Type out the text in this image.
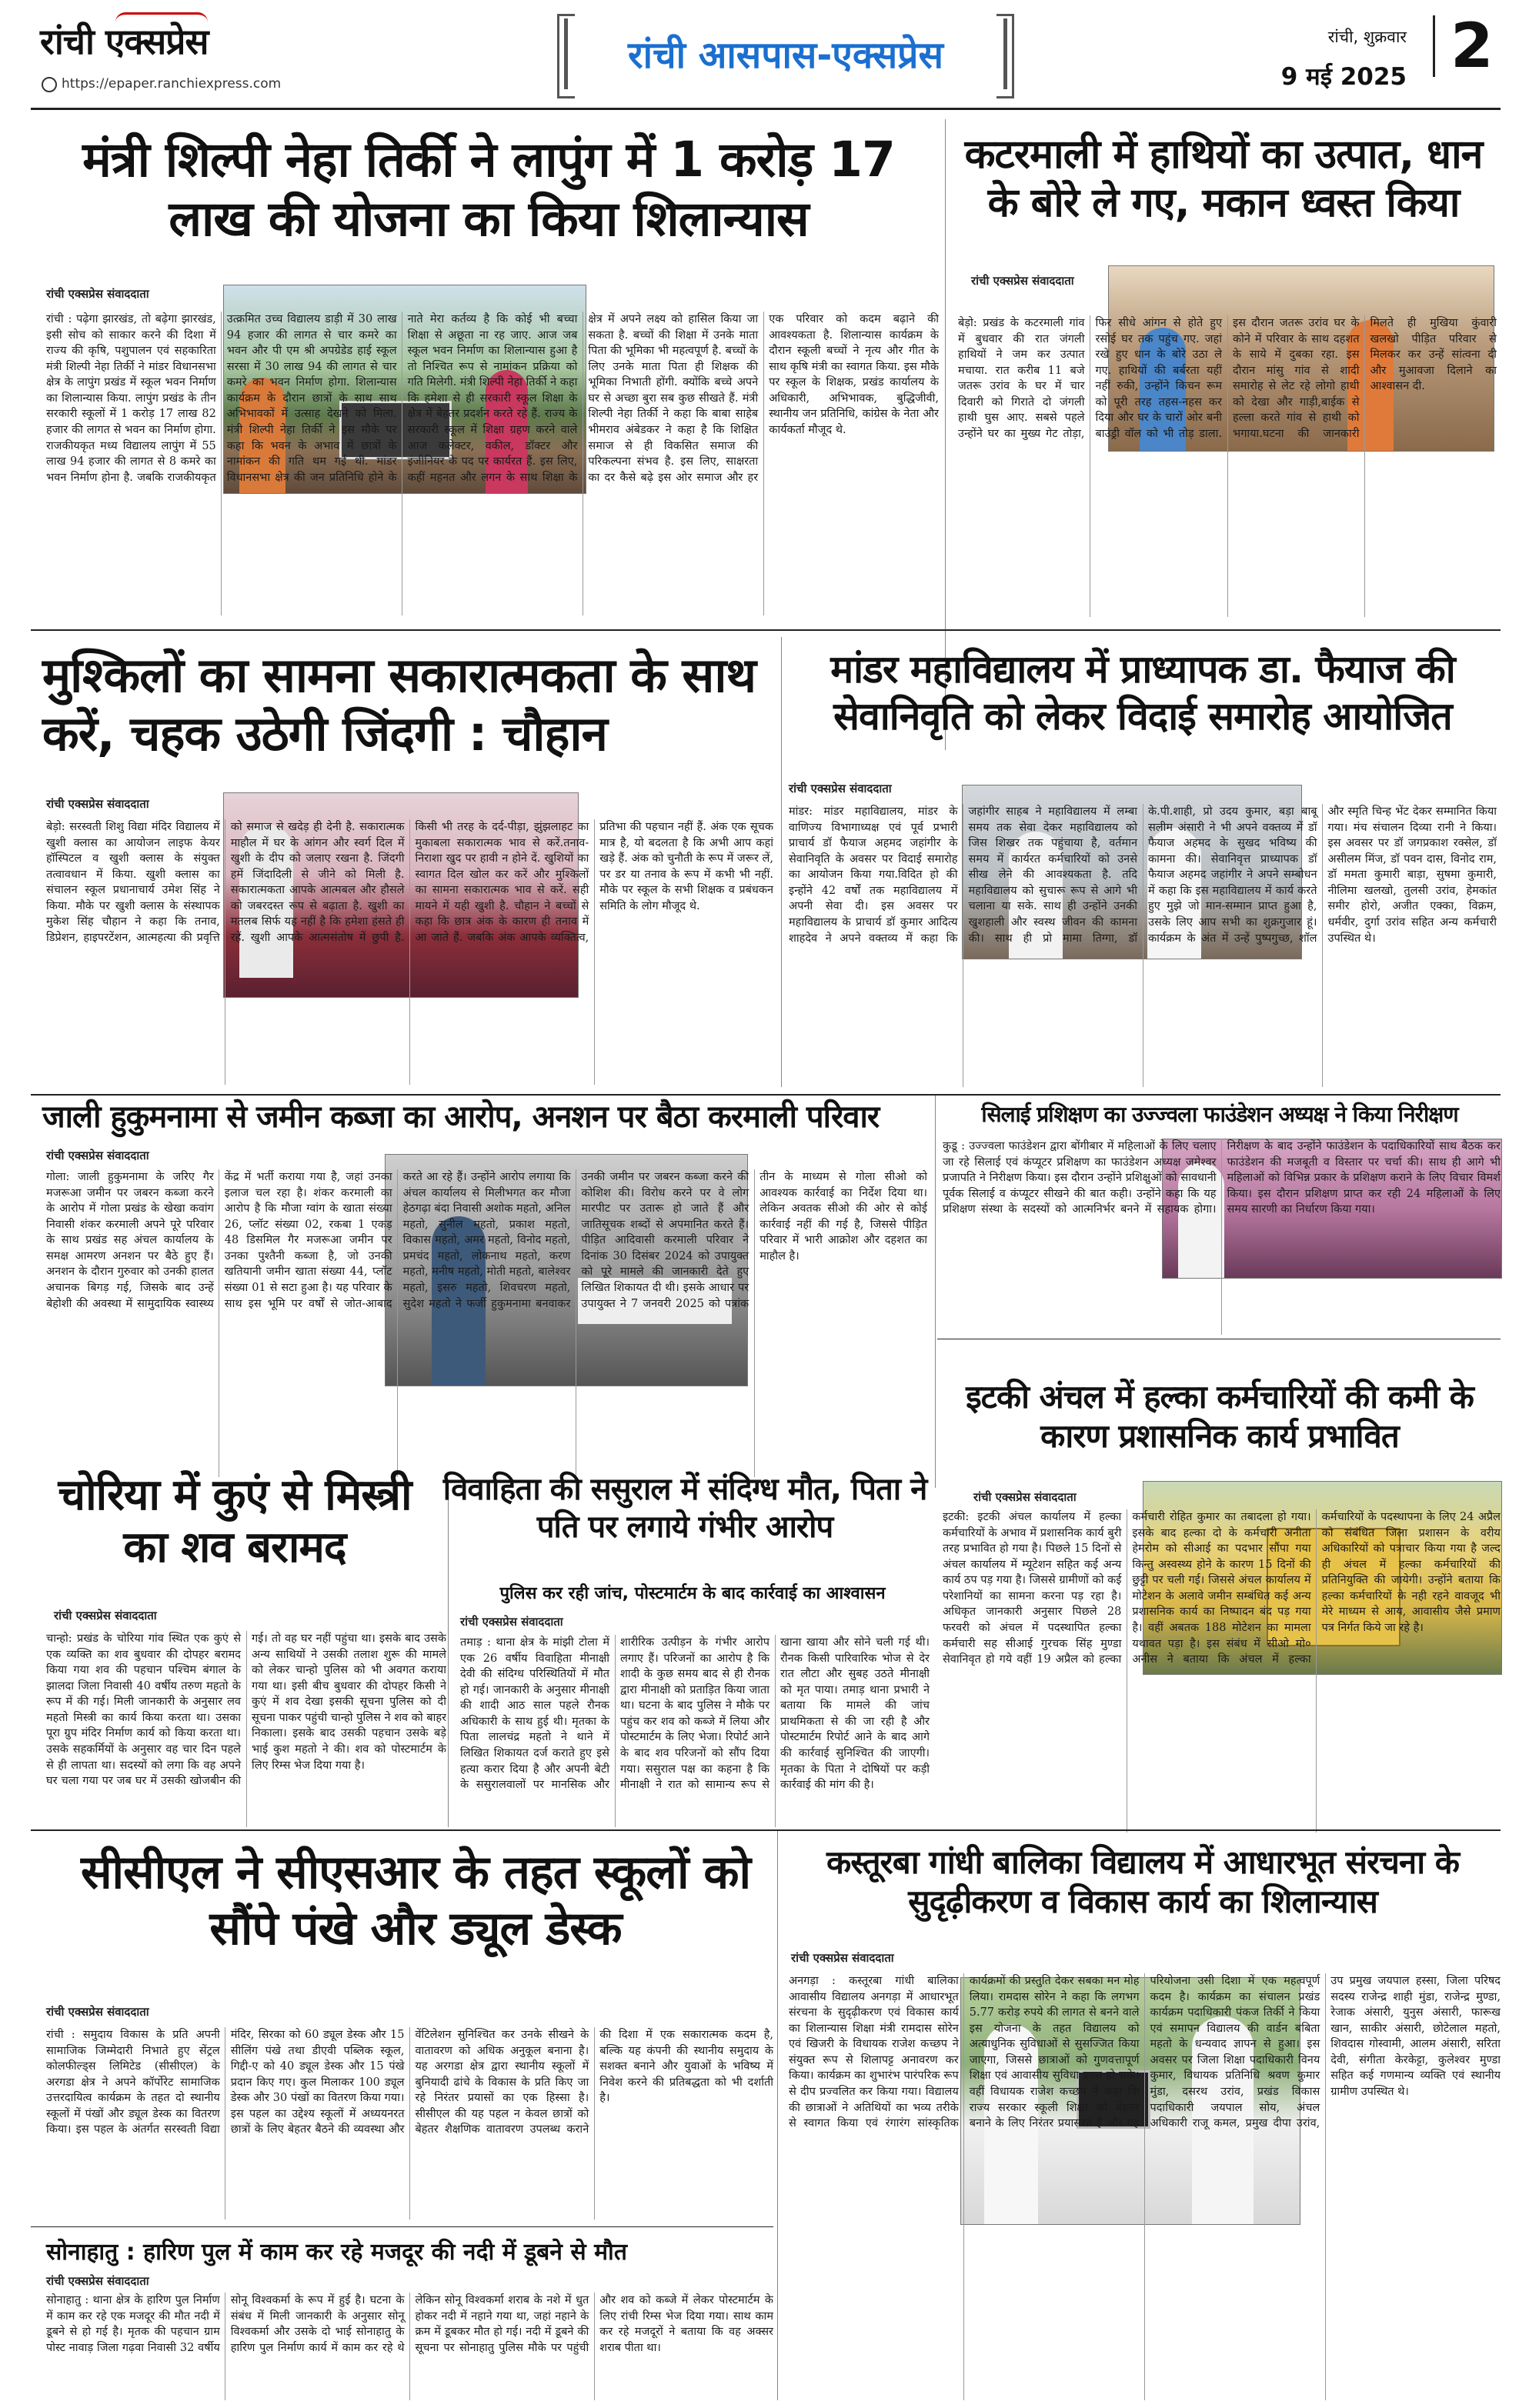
रांची एक्सप्रेस
https://epaper.ranchiexpress.com
रांची आसपास-एक्सप्रेस	रांची, शुक्रवार
9 मई 2025 2
मंत्री शिल्पी नेहा तिर्की ने लापुंग में 1 करोड़ 17 लाख की योजना का किया शिलान्यास
रांची एक्सप्रेस संवाददाता
रांची : पढ़ेगा झारखंड, तो बढ़ेगा झारखंड, इसी सोच को साकार करने की दिशा में राज्य की कृषि, पशुपालन एवं सहकारिता मंत्री शिल्पी नेहा तिर्की ने मांडर विधानसभा क्षेत्र के लापुंग प्रखंड में स्कूल भवन निर्माण का शिलान्यास किया. लापुंग प्रखंड के तीन सरकारी स्कूलों में 1 करोड़ 17 लाख 82 हजार की लागत से भवन का निर्माण होगा. राजकीयकृत मध्य विद्यालय लापुंग में 55 लाख 94 हजार की लागत से 8 कमरे का भवन निर्माण होना है. जबकि राजकीयकृत उत्क्रमित उच्च विद्यालय डाड़ी में 30 लाख 94 हजार की लागत से चार कमरे का भवन और पी एम श्री अपग्रेडेड हाई स्कूल सरसा में 30 लाख 94 की लागत से चार कमरे का भवन निर्माण होगा. शिलान्यास कार्यक्रम के दौरान छात्रों के साथ साथ अभिभावकों में उत्साह देखने को मिला. मंत्री शिल्पी नेहा तिर्की ने इस मौके पर कहा कि भवन के अभाव में छात्रों के नामांकन की गति थम गई थी. मांडर विधानसभा क्षेत्र की जन प्रतिनिधि होने के नाते मेरा कर्तव्य है कि कोई भी बच्चा शिक्षा से अछूता ना रह जाए. आज जब स्कूल भवन निर्माण का शिलान्यास हुआ है तो निश्चित रूप से नामांकन प्रक्रिया को गति मिलेगी. मंत्री शिल्पी नेहा तिर्की ने कहा कि हमेशा से ही सरकारी स्कूल शिक्षा के क्षेत्र में बेहतर प्रदर्शन करते रहे हैं. राज्य के सरकारी स्कूल में शिक्षा ग्रहण करने वाले आज कलेक्टर, वकील, डॉक्टर और इंजीनियर के पद पर कार्यरत हैं. इस लिए, कहीं महनत और लगन के साथ शिक्षा के क्षेत्र में अपने लक्ष्य को हासिल किया जा सकता है. बच्चों की शिक्षा में उनके माता पिता की भूमिका भी महत्वपूर्ण है. बच्चों के लिए उनके माता पिता ही शिक्षक की भूमिका निभाती होंगी. क्योंकि बच्चे अपने घर से अच्छा बुरा सब कुछ सीखते हैं. मंत्री शिल्पी नेहा तिर्की ने कहा कि बाबा साहेब भीमराव अंबेडकर ने कहा है कि शिक्षित समाज से ही विकसित समाज की परिकल्पना संभव है. इस लिए, साक्षरता का दर कैसे बढ़े इस ओर समाज और हर एक परिवार को कदम बढ़ाने की आवश्यकता है. शिलान्यास कार्यक्रम के दौरान स्कूली बच्चों ने नृत्य और गीत के साथ कृषि मंत्री का स्वागत किया. इस मौके पर स्कूल के शिक्षक, प्रखंड कार्यालय के अधिकारी, अभिभावक, बुद्धिजीवी, स्थानीय जन प्रतिनिधि, कांग्रेस के नेता और कार्यकर्ता मौजूद थे.
कटरमाली में हाथियों का उत्पात, धान के बोरे ले गए, मकान ध्वस्त किया
रांची एक्सप्रेस संवाददाता
बेड़ो: प्रखंड के कटरमाली गांव में बुधवार की रात जंगली हाथियों ने जम कर उत्पात मचाया. रात करीब 11 बजे जतरू उरांव के घर में चार दिवारी को गिराते दो जंगली हाथी घुस आए. सबसे पहले उन्होंने घर का मुख्य गेट तोड़ा, फिर सीधे आंगन से होते हुए रसोई घर तक पहुंच गए. जहां रखे हुए धान के बोरे उठा ले गए. हाथियों की बर्बरता यहीं नहीं रुकी, उन्होंने किचन रूम को पूरी तरह तहस-नहस कर दिया और घर के चारों ओर बनी बाउंड्री वॉल को भी तोड़ डाला. इस दौरान जतरू उरांव घर के कोने में परिवार के साथ दहशत के साये में दुबका रहा. इस दौरान मांसु गांव से शादी समारोह से लेट रहे लोगो हाथी को देखा और गाड़ी,बाईक से हल्ला करते गांव से हाथी को भगाया.घटना की जानकारी मिलते ही मुखिया कुंवारी खलखो पीड़ित परिवार से मिलकर कर उन्हें सांत्वना दी और मुआवजा दिलाने का आश्वासन दी.
मुश्किलों का सामना सकारात्मकता के साथ करें, चहक उठेगी जिंदगी : चौहान
रांची एक्सप्रेस संवाददाता
बेड़ो: सरस्वती शिशु विद्या मंदिर विद्यालय में खुशी क्लास का आयोजन लाइफ केयर हॉस्पिटल व खुशी क्लास के संयुक्त तत्वावधान में किया. खुशी क्लास का संचालन स्कूल प्रधानाचार्य उमेश सिंह ने किया. मौके पर खुशी क्लास के संस्थापक मुकेश सिंह चौहान ने कहा कि तनाव, डिप्रेशन, हाइपरटेंशन, आत्महत्या की प्रवृत्ति को समाज से खदेड़ ही देनी है. सकारात्मक माहौल में घर के आंगन और स्वर्ग दिल में खुशी के दीप को जलाए रखना है. जिंदगी हमें जिंदादिली से जीने को मिली है. सकारात्मकता आपके आत्मबल और हौसले को जबरदस्त रूप से बढ़ाता है. खुशी का मतलब सिर्फ यह नहीं है कि हमेशा हंसते ही रहें. खुशी आपके आत्मसंतोष में छुपी है. किसी भी तरह के दर्द-पीड़ा, झुंझलाहट का मुकाबला सकारात्मक भाव से करें.तनाव-निराशा खुद पर हावी न होने दें. खुशियों का स्वागत दिल खोल कर करें और मुश्किलों का सामना सकारात्मक भाव से करें. सही मायने में यही खुशी है. चौहान ने बच्चों से कहा कि छात्र अंक के कारण ही तनाव में आ जाते हैं. जबकि अंक आपके व्यक्तित्व, प्रतिभा की पहचान नहीं हैं. अंक एक सूचक मात्र है, यो बदलता है कि अभी आप कहां खड़े हैं. अंक को चुनौती के रूप में जरूर लें, पर डर या तनाव के रूप में कभी भी नहीं. मौके पर स्कूल के सभी शिक्षक व प्रबंधकन समिति के लोग मौजूद थे.
मांडर महाविद्यालय में प्राध्यापक डा. फैयाज की सेवानिवृति को लेकर विदाई समारोह आयोजित
रांची एक्सप्रेस संवाददाता
मांडर: मांडर महाविद्यालय, मांडर के वाणिज्य विभागाध्यक्ष एवं पूर्व प्रभारी प्राचार्य डॉ फैयाज अहमद जहांगीर के सेवानिवृति के अवसर पर विदाई समारोह का आयोजन किया गया.विदित हो की इन्होंने 42 वर्षों तक महाविद्यालय में अपनी सेवा दी। इस अवसर पर महाविद्यालय के प्राचार्य डॉ कुमार आदित्य शाहदेव ने अपने वक्तव्य में कहा कि जहांगीर साहब ने महाविद्यालय में लम्बा समय तक सेवा देकर महाविद्यालय को जिस शिखर तक पहुंचाया है, वर्तमान समय में कार्यरत कर्मचारियों को उनसे सीख लेने की आवश्यकता है. तदि महाविद्यालय को सुचारू रूप से आगे भी चलाना या सके. साथ ही उन्होंने उनकी खुशहाली और स्वस्थ जीवन की कामना की। साथ ही प्रो मामा तिग्गा, डॉ के.पी.शाही, प्रो उदय कुमार, बड़ा बाबू सलीम अंसारी ने भी अपने वक्तव्य में डॉ फैयाज अहमद के सुखद भविष्य की कामना की। सेवानिवृत्त प्राध्यापक डॉ फैयाज अहमद जहांगीर ने अपने सम्बोधन में कहा कि इस महाविद्यालय में कार्य करते हुए मुझे जो मान-सम्मान प्राप्त हुआ है, उसके लिए आप सभी का शुक्रगुजार हूं। कार्यक्रम के अंत में उन्हें पुष्पगुच्छ, शॉल और स्मृति चिन्ह भेंट देकर सम्मानित किया गया। मंच संचालन दिव्या रानी ने किया। इस अवसर पर डॉ जगप्रकाश रक्सेल, डॉ असीलम मिंज, डॉ पवन दास, विनोद राम, डॉ ममता कुमारी बाड़ा, सुषमा कुमारी, नीलिमा खलखो, तुलसी उरांव, हेमकांत समीर होरो, अजीत एक्का, विक्रम, धर्मवीर, दुर्गा उरांव सहित अन्य कर्मचारी उपस्थित थे।
जाली हुकुमनामा से जमीन कब्जा का आरोप, अनशन पर बैठा करमाली परिवार
रांची एक्सप्रेस संवाददाता
गोला: जाली हुकुमनामा के जरिए गैर मजरूआ जमीन पर जबरन कब्जा करने के आरोप में गोला प्रखंड के खेखा कवांग निवासी शंकर करमाली अपने पूरे परिवार के साथ प्रखंड सह अंचल कार्यालय के समक्ष आमरण अनशन पर बैठे हुए हैं। अनशन के दौरान गुरुवार को उनकी हालत अचानक बिगड़ गई, जिसके बाद उन्हें बेहोशी की अवस्था में सामुदायिक स्वास्थ्य केंद्र में भर्ती कराया गया है, जहां उनका इलाज चल रहा है। शंकर करमाली का आरोप है कि मौजा ग्वांग के खाता संख्या 26, प्लॉट संख्या 02, रकबा 1 एकड़ 48 डिसमिल गैर मजरूआ जमीन पर उनका पुश्तैनी कब्जा है, जो उनकी खतियानी जमीन खाता संख्या 44, प्लॉट संख्या 01 से सटा हुआ है। यह परिवार के साथ इस भूमि पर वर्षों से जोत-आबाद करते आ रहे हैं। उन्होंने आरोप लगाया कि अंचल कार्यालय से मिलीभगत कर मौजा हेठगढ़ा बंदा निवासी अशोक महतो, अनिल महतो, सुनील महतो, प्रकाश महतो, विकास महतो, अमर महतो, विनोद महतो, प्रमचंद महतो, लोकनाथ महतो, करण महतो, मनीष महतो, मोती महतो, बालेश्वर महतो, इसरु महतो, शिवचरण महतो, सुदेश महतो ने फर्जी हुकुमनामा बनवाकर उनकी जमीन पर जबरन कब्जा करने की कोशिश की। विरोध करने पर वे लोग मारपीट पर उतारू हो जाते हैं और जातिसूचक शब्दों से अपमानित करते हैं। पीड़ित आदिवासी करमाली परिवार ने दिनांक 30 दिसंबर 2024 को उपायुक्त को पूरे मामले की जानकारी देते हुए लिखित शिकायत दी थी। इसके आधार पर उपायुक्त ने 7 जनवरी 2025 को पत्रांक तीन के माध्यम से गोला सीओ को आवश्यक कार्रवाई का निर्देश दिया था। लेकिन अवतक सीओ की ओर से कोई कार्रवाई नहीं की गई है, जिससे पीड़ित परिवार में भारी आक्रोश और दहशत का माहौल है।
सिलाई प्रशिक्षण का उज्ज्वला फाउंडेशन अध्यक्ष ने किया निरीक्षण
कुडू : उज्ज्वला फाउंडेशन द्वारा बोंगीबार में महिलाओं के लिए चलाए जा रहे सिलाई एवं कंप्यूटर प्रशिक्षण का फाउंडेशन अध्यक्ष जमेश्वर प्रजापति ने निरीक्षण किया। इस दौरान उन्होंने प्रशिक्षुओं को सावधानी पूर्वक सिलाई व कंप्यूटर सीखने की बात कही। उन्होंने कहा कि यह प्रशिक्षण संस्था के सदस्यों को आत्मनिर्भर बनने में सहायक होगा। निरीक्षण के बाद उन्होंने फाउंडेशन के पदाधिकारियों साथ बैठक कर फाउंडेशन की मजबूती व विस्तार पर चर्चा की। साथ ही आगे भी महिलाओं को विभिन्न प्रकार के प्रशिक्षण कराने के लिए विचार विमर्श किया। इस दौरान प्रशिक्षण प्राप्त कर रही 24 महिलाओं के लिए समय सारणी का निर्धारण किया गया।
इटकी अंचल में हल्का कर्मचारियों की कमी के कारण प्रशासनिक कार्य प्रभावित
रांची एक्सप्रेस संवाददाता
इटकी: इटकी अंचल कार्यालय में हल्का कर्मचारियों के अभाव में प्रशासनिक कार्य बुरी तरह प्रभावित हो गया है। पिछले 15 दिनों से अंचल कार्यालय में म्यूटेशन सहित कई अन्य कार्य ठप पड़ गया है। जिससे ग्रामीणों को कई परेशानियों का सामना करना पड़ रहा है। अधिकृत जानकारी अनुसार पिछले 28 फरवरी को अंचल में पदस्थापित हल्का कर्मचारी सह सीआई गुरचक सिंह मुण्डा सेवानिवृत हो गये वहीं 19 अप्रैल को हल्का कर्मचारी रोहित कुमार का तबादला हो गया। इसके बाद हल्का दो के कर्मचारी अनीता हेमरोम को सीआई का पदभार सौंपा गया किन्तु अस्वस्थ्य होने के कारण 15 दिनों की छुट्टी पर चली गई। जिससे अंचल कार्यालय में मोटेशन के अलावे जमीन सम्बंधित कई अन्य प्रशासनिक कार्य का निष्पादन बंद पड़ गया है। वहीं अबतक 188 मोटेशन का मामला यथावत पड़ा है। इस संबंध में सीओ मो० अनीस ने बताया कि अंचल में हल्का कर्मचारियों के पदस्थापना के लिए 24 अप्रैल को संबंधित जिला प्रशासन के वरीय अधिकारियों को पत्राचार किया गया है जल्द ही अंचल में हल्का कर्मचारियों की प्रतिनियुक्ति की जायेगी। उन्होंने बताया कि हल्का कर्मचारियों के नही रहने वावजूद भी मेरे माध्यम से आय, आवासीय जैसे प्रमाण पत्र निर्गत किये जा रहे है।
चोरिया में कुएं से मिस्त्री का शव बरामद
रांची एक्सप्रेस संवाददाता
चान्हो: प्रखंड के चोरिया गांव स्थित एक कुएं से एक व्यक्ति का शव बुधवार की दोपहर बरामद किया गया शव की पहचान पश्चिम बंगाल के झालदा जिला निवासी 40 वर्षीय तरुण महतो के रूप में की गई। मिली जानकारी के अनुसार लव महतो मिस्त्री का कार्य किया करता था। उसका पूरा ग्रुप मंदिर निर्माण कार्य को किया करता था। उसके सहकर्मियों के अनुसार वह चार दिन पहले से ही लापता था। सदस्यों को लगा कि वह अपने घर चला गया पर जब घर में उसकी खोजबीन की गई। तो वह घर नहीं पहुंचा था। इसके बाद उसके अन्य साथियों ने उसकी तलाश शुरू की मामले को लेकर चान्हो पुलिस को भी अवगत कराया गया था। इसी बीच बुधवार की दोपहर किसी ने कुएं में शव देखा इसकी सूचना पुलिस को दी सूचना पाकर पहुंची चान्हो पुलिस ने शव को बाहर निकाला। इसके बाद उसकी पहचान उसके बड़े भाई कुश महतो ने की। शव को पोस्टमार्टम के लिए रिम्स भेज दिया गया है।
विवाहिता की ससुराल में संदिग्ध मौत, पिता ने पति पर लगाये गंभीर आरोप
पुलिस कर रही जांच, पोस्टमार्टम के बाद कार्रवाई का आश्वासन
रांची एक्सप्रेस संवाददाता
तमाड़ : थाना क्षेत्र के मांझी टोला में एक 26 वर्षीय विवाहिता मीनाक्षी देवी की संदिग्ध परिस्थितियों में मौत हो गई। जानकारी के अनुसार मीनाक्षी की शादी आठ साल पहले रौनक अधिकारी के साथ हुई थी। मृतका के पिता लालचंद्र महतो ने थाने में लिखित शिकायत दर्ज कराते हुए इसे हत्या करार दिया है और अपनी बेटी के ससुरालवालों पर मानसिक और शारीरिक उत्पीड़न के गंभीर आरोप लगाए हैं। परिजनों का आरोप है कि शादी के कुछ समय बाद से ही रौनक द्वारा मीनाक्षी को प्रताड़ित किया जाता था। घटना के बाद पुलिस ने मौके पर पहुंच कर शव को कब्जे में लिया और पोस्टमार्टम के लिए भेजा। रिपोर्ट आने के बाद शव परिजनों को सौंप दिया गया। ससुराल पक्ष का कहना है कि मीनाक्षी ने रात को सामान्य रूप से खाना खाया और सोने चली गई थी। रौनक किसी पारिवारिक भोज से देर रात लौटा और सुबह उठते मीनाक्षी को मृत पाया। तमाड़ थाना प्रभारी ने बताया कि मामले की जांच प्राथमिकता से की जा रही है और पोस्टमार्टम रिपोर्ट आने के बाद आगे की कार्रवाई सुनिश्चित की जाएगी। मृतका के पिता ने दोषियों पर कड़ी कार्रवाई की मांग की है।
सीसीएल ने सीएसआर के तहत स्कूलों को सौंपे पंखे और ड्यूल डेस्क
रांची एक्सप्रेस संवाददाता
रांची : समुदाय विकास के प्रति अपनी सामाजिक जिम्मेदारी निभाते हुए सेंट्रल कोलफील्ड्स लिमिटेड (सीसीएल) के अरगडा क्षेत्र ने अपने कॉर्पोरेट सामाजिक उत्तरदायित्व कार्यक्रम के तहत दो स्थानीय स्कूलों में पंखों और ड्यूल डेस्क का वितरण किया। इस पहल के अंतर्गत सरस्वती विद्या मंदिर, सिरका को 60 ड्यूल डेस्क और 15 सीलिंग पंखे तथा डीएवी पब्लिक स्कूल, गिद्दी-ए को 40 ड्यूल डेस्क और 15 पंखे प्रदान किए गए। कुल मिलाकर 100 ड्यूल डेस्क और 30 पंखों का वितरण किया गया। इस पहल का उद्देश्य स्कूलों में अध्ययनरत छात्रों के लिए बेहतर बैठने की व्यवस्था और वेंटिलेशन सुनिश्चित कर उनके सीखने के वातावरण को अधिक अनुकूल बनाना है। यह अरगडा क्षेत्र द्वारा स्थानीय स्कूलों में बुनियादी ढांचे के विकास के प्रति किए जा रहे निरंतर प्रयासों का एक हिस्सा है। सीसीएल की यह पहल न केवल छात्रों को बेहतर शैक्षणिक वातावरण उपलब्ध कराने की दिशा में एक सकारात्मक कदम है, बल्कि यह कंपनी की स्थानीय समुदाय के सशक्त बनाने और युवाओं के भविष्य में निवेश करने की प्रतिबद्धता को भी दर्शाती है।
सोनाहातु : हारिण पुल में काम कर रहे मजदूर की नदी में डूबने से मौत
रांची एक्सप्रेस संवाददाता
सोनाहातु : थाना क्षेत्र के हारिण पुल निर्माण में काम कर रहे एक मजदूर की मौत नदी में डूबने से हो गई है। मृतक की पहचान ग्राम पोस्ट नावाड़ जिला गढ़वा निवासी 32 वर्षीय सोनू विश्वकर्मा के रूप में हुई है। घटना के संबंध में मिली जानकारी के अनुसार सोनू विश्वकर्मा और उसके दो भाई सोनाहातु के हारिण पुल निर्माण कार्य में काम कर रहे थे लेकिन सोनू विश्वकर्मा शराब के नशे में धुत होकर नदी में नहाने गया था, जहां नहाने के क्रम में डूबकर मौत हो गई। नदी में डूबने की सूचना पर सोनाहातु पुलिस मौके पर पहुंची और शव को कब्जे में लेकर पोस्टमार्टम के लिए रांची रिम्स भेज दिया गया। साथ काम कर रहे मजदूरों ने बताया कि वह अक्सर शराब पीता था।
कस्तूरबा गांधी बालिका विद्यालय में आधारभूत संरचना के सुदृढ़ीकरण व विकास कार्य का शिलान्यास
रांची एक्सप्रेस संवाददाता
अनगड़ा : कस्तूरबा गांधी बालिका आवासीय विद्यालय अनगड़ा में आधारभूत संरचना के सुदृढ़ीकरण एवं विकास कार्य का शिलान्यास शिक्षा मंत्री रामदास सोरेन एवं खिजरी के विधायक राजेश कच्छप ने संयुक्त रूप से शिलापट्ट अनावरण कर किया। कार्यक्रम का शुभारंभ पारंपरिक रूप से दीप प्रज्वलित कर किया गया। विद्यालय की छात्राओं ने अतिथियों का भव्य तरीके से स्वागत किया एवं रंगारंग सांस्कृतिक कार्यक्रमों की प्रस्तुति देकर सबका मन मोह लिया। रामदास सोरेन ने कहा कि लगभग 5.77 करोड़ रुपये की लागत से बनने वाले इस योजना के तहत विद्यालय को अत्याधुनिक सुविधाओं से सुसज्जित किया जाएगा, जिससे छात्राओं को गुणवत्तापूर्ण शिक्षा एवं आवासीय सुविधा प्राप्त हो सके। वहीं विधायक राजेश कच्छप ने कहा कि राज्य सरकार स्कूली शिक्षा को बेहतर बनाने के लिए निरंतर प्रयासरत है और यह परियोजना उसी दिशा में एक महत्वपूर्ण कदम है। कार्यक्रम का संचालन प्रखंड कार्यक्रम पदाधिकारी पंकज तिर्की ने किया एवं समापन विद्यालय की वार्डन बबिता महतो के धन्यवाद ज्ञापन से हुआ। इस अवसर पर जिला शिक्षा पदाधिकारी विनय कुमार, विधायक प्रतिनिधि श्रवण कुमार मुंडा, दसरथ उरांव, प्रखंड विकास पदाधिकारी जयपाल सोय, अंचल अधिकारी राजू कमल, प्रमुख दीपा उरांव, उप प्रमुख जयपाल हस्सा, जिला परिषद सदस्य राजेन्द्र शाही मुंडा, राजेन्द्र मुण्डा, रेजाक अंसारी, युनुस अंसारी, फारूख खान, साकीर अंसारी, छोटेलाल महतो, शिवदास गोस्वामी, आलम अंसारी, सरिता देवी, संगीता केरकेट्टा, कुलेश्वर मुण्डा सहित कई गणमान्य व्यक्ति एवं स्थानीय ग्रामीण उपस्थित थे।
